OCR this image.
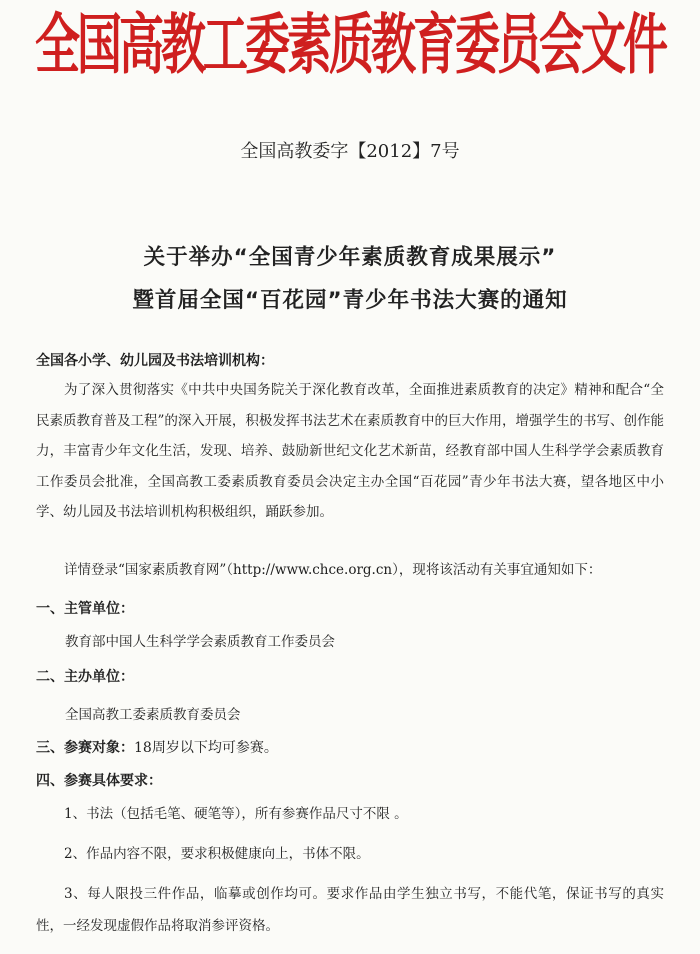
全国高教工委素质教育委员会文件
全国高教委字【2012】7号
关于举办“全国青少年素质教育成果展示”
暨首届全国“百花园”青少年书法大赛的通知
全国各小学、幼儿园及书法培训机构：
为了深入贯彻落实《中共中央国务院关于深化教育改革，全面推进素质教育的决定》精神和配合“全民素质教育普及工程”的深入开展，积极发挥书法艺术在素质教育中的巨大作用，增强学生的书写、创作能力，丰富青少年文化生活，发现、培养、鼓励新世纪文化艺术新苗，经教育部中国人生科学学会素质教育工作委员会批准，全国高教工委素质教育委员会决定主办全国“百花园”青少年书法大赛，望各地区中小学、幼儿园及书法培训机构积极组织，踊跃参加。
详情登录“国家素质教育网”（http://www.chce.org.cn），现将该活动有关事宜通知如下：
一、主管单位：
教育部中国人生科学学会素质教育工作委员会
二、主办单位：
全国高教工委素质教育委员会
三、参赛对象：18周岁以下均可参赛。
四、参赛具体要求：
1、书法（包括毛笔、硬笔等），所有参赛作品尺寸不限 。
2、作品内容不限，要求积极健康向上，书体不限。
3、每人限投三件作品，临摹或创作均可。要求作品由学生独立书写，不能代笔，保证书写的真实性，一经发现虚假作品将取消参评资格。
